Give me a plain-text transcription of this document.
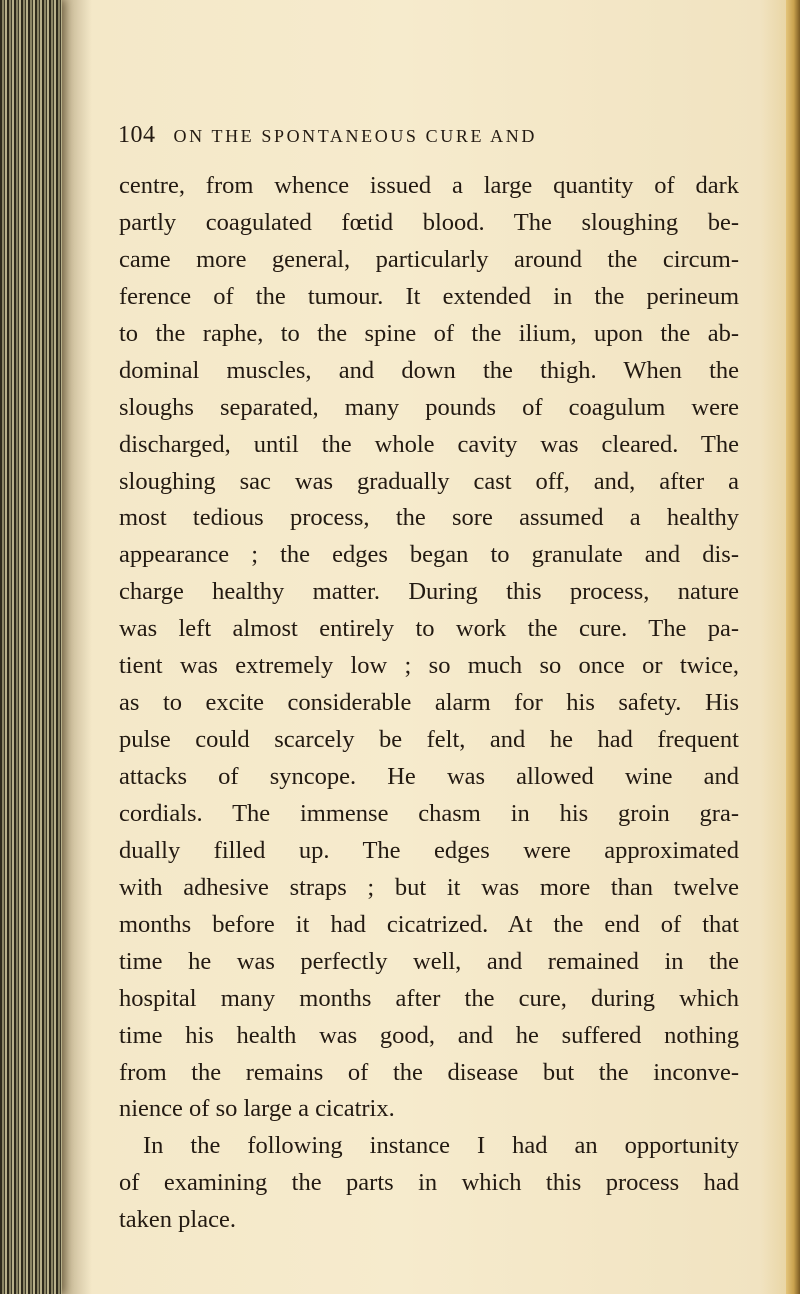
104 ON THE SPONTANEOUS CURE AND
centre, from whence issued a large quantity of dark
partly coagulated fœtid blood. The sloughing be-
came more general, particularly around the circum-
ference of the tumour. It extended in the perineum
to the raphe, to the spine of the ilium, upon the ab-
dominal muscles, and down the thigh. When the
sloughs separated, many pounds of coagulum were
discharged, until the whole cavity was cleared. The
sloughing sac was gradually cast off, and, after a
most tedious process, the sore assumed a healthy
appearance ; the edges began to granulate and dis-
charge healthy matter. During this process, nature
was left almost entirely to work the cure. The pa-
tient was extremely low ; so much so once or twice,
as to excite considerable alarm for his safety. His
pulse could scarcely be felt, and he had frequent
attacks of syncope. He was allowed wine and
cordials. The immense chasm in his groin gra-
dually filled up. The edges were approximated
with adhesive straps ; but it was more than twelve
months before it had cicatrized. At the end of that
time he was perfectly well, and remained in the
hospital many months after the cure, during which
time his health was good, and he suffered nothing
from the remains of the disease but the inconve-
nience of so large a cicatrix.
In the following instance I had an opportunity
of examining the parts in which this process had
taken place.
